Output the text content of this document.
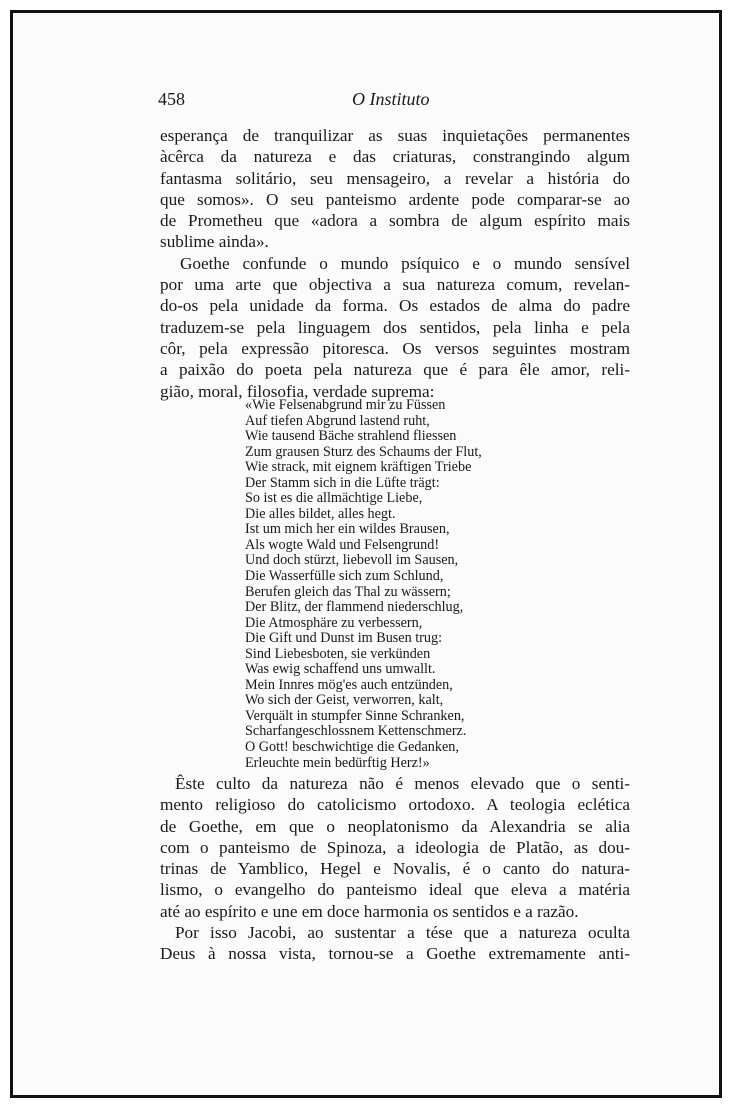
458	O Instituto

esperança de tranquilizar as suas inquietações permanentes
àcêrca da natureza e das criaturas, constrangindo algum
fantasma solitário, seu mensageiro, a revelar a história do
que somos». O seu panteismo ardente pode comparar-se ao
de Prometheu que «adora a sombra de algum espírito mais
sublime ainda».

Goethe confunde o mundo psíquico e o mundo sensível
por uma arte que objectiva a sua natureza comum, revelan-
do-os pela unidade da forma. Os estados de alma do padre
traduzem-se pela linguagem dos sentidos, pela linha e pela
côr, pela expressão pitoresca. Os versos seguintes mostram
a paixão do poeta pela natureza que é para êle amor, reli-
gião, moral, filosofia, verdade suprema:

«Wie Felsenabgrund mir zu Füssen
Auf tiefen Abgrund lastend ruht,
Wie tausend Bäche strahlend fliessen
Zum grausen Sturz des Schaums der Flut,
Wie strack, mit eignem kräftigen Triebe
Der Stamm sich in die Lüfte trägt:
So ist es die allmächtige Liebe,
Die alles bildet, alles hegt.
Ist um mich her ein wildes Brausen,
Als wogte Wald und Felsengrund!
Und doch stürzt, liebevoll im Sausen,
Die Wasserfülle sich zum Schlund,
Berufen gleich das Thal zu wässern;
Der Blitz, der flammend niederschlug,
Die Atmosphäre zu verbessern,
Die Gift und Dunst im Busen trug:
Sind Liebesboten, sie verkünden
Was ewig schaffend uns umwallt.
Mein Innres mög'es auch entzünden,
Wo sich der Geist, verworren, kalt,
Verquält in stumpfer Sinne Schranken,
Scharfangeschlossnem Kettenschmerz.
O Gott! beschwichtige die Gedanken,
Erleuchte mein bedürftig Herz!»

Êste culto da natureza não é menos elevado que o senti-
mento religioso do catolicismo ortodoxo. A teologia eclética
de Goethe, em que o neoplatonismo da Alexandria se alia
com o panteismo de Spinoza, a ideologia de Platão, as dou-
trinas de Yamblico, Hegel e Novalis, é o canto do natura-
lismo, o evangelho do panteismo ideal que eleva a matéria
até ao espírito e une em doce harmonia os sentidos e a razão.

Por isso Jacobi, ao sustentar a tése que a natureza oculta
Deus à nossa vista, tornou-se a Goethe extremamente anti-
